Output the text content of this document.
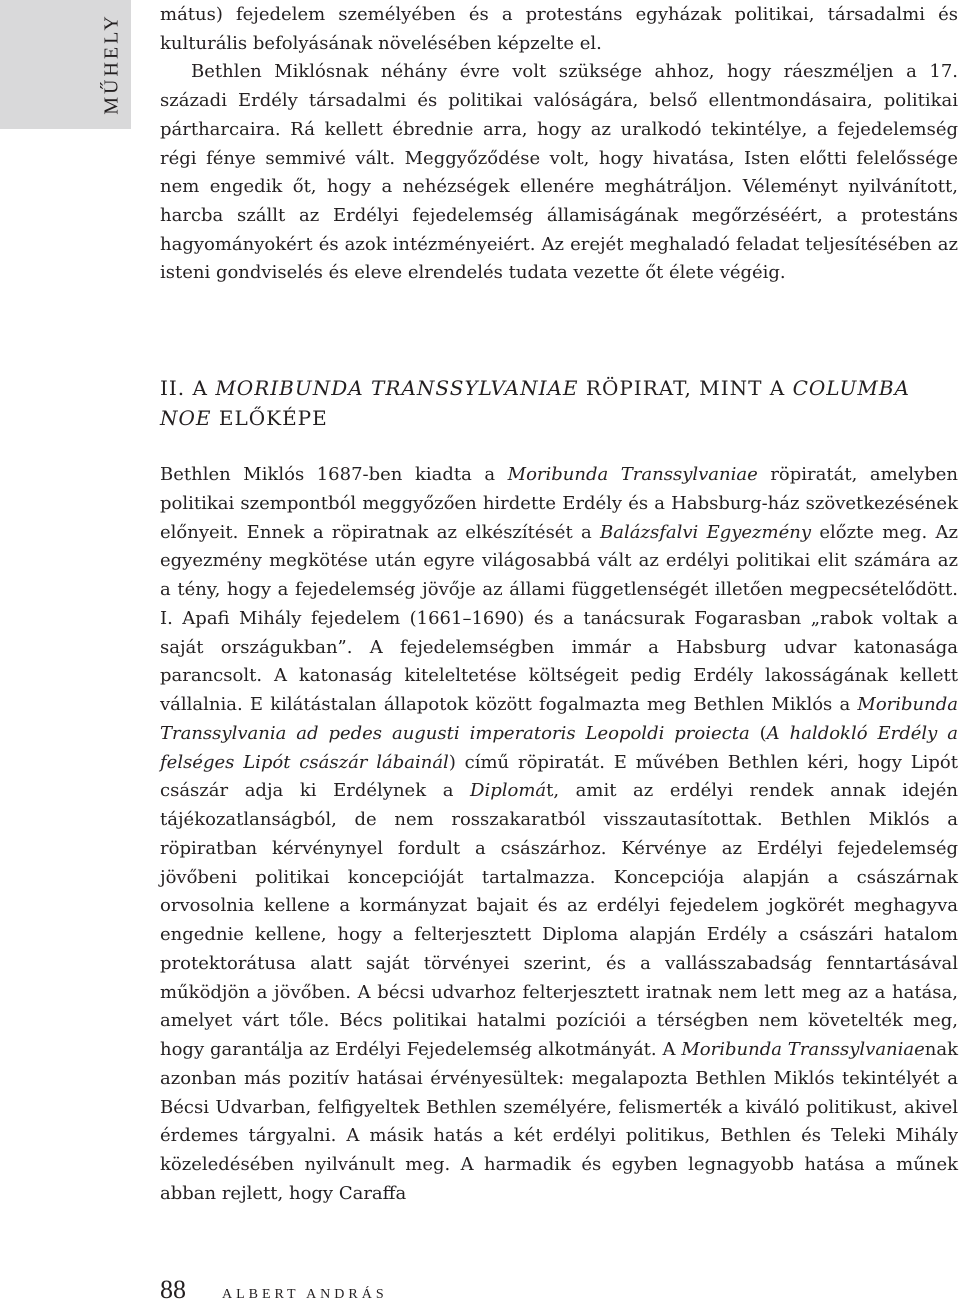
MŰHELY mátus) fejedelem személyében és a protestáns egyházak politikai, társadalmi és kulturális befolyásának növelésében képzelte el.

Bethlen Miklósnak néhány évre volt szüksége ahhoz, hogy ráeszméljen a 17. századi Erdély társadalmi és politikai valóságára, belső ellentmondásaira, politikai pártharcaira. Rá kellett ébrednie arra, hogy az uralkodó tekintélye, a fejedelemség régi fénye semmivé vált. Meggyőződése volt, hogy hivatása, Isten előtti felelőssége nem engedik őt, hogy a nehézségek ellenére meghátráljon. Véleményt nyilvánított, harcba szállt az Erdélyi fejedelemség államiságának megőrzéséért, a protestáns hagyományokért és azok intézményeiért. Az erejét meghaladó feladat teljesítésében az isteni gondviselés és eleve elrendelés tudata vezette őt élete végéig.

II. A MORIBUNDA TRANSSYLVANIAE RÖPIRAT, MINT A COLUMBA NOE ELŐKÉPE

Bethlen Miklós 1687-ben kiadta a Moribunda Transsylvaniae röpiratát, amelyben politikai szempontból meggyőzően hirdette Erdély és a Habsburg-ház szövetkezésének előnyeit. Ennek a röpiratnak az elkészítését a Balázsfalvi Egyezmény előzte meg. Az egyezmény megkötése után egyre világosabbá vált az erdélyi politikai elit számára az a tény, hogy a fejedelemség jövője az állami függetlenségét illetően megpecsételődött. I. Apafi Mihály fejedelem (1661–1690) és a tanácsurak Fogarasban „rabok voltak a saját országukban”. A fejedelemségben immár a Habsburg udvar katonasága parancsolt. A katonaság kiteleltetése költségeit pedig Erdély lakosságának kellett vállalnia. E kilátástalan állapotok között fogalmazta meg Bethlen Miklós a Moribunda Transsylvania ad pedes augusti imperatoris Leopoldi proiecta (A haldokló Erdély a felséges Lipót császár lábainál) című röpiratát. E művében Bethlen kéri, hogy Lipót császár adja ki Erdélynek a Diplomát, amit az erdélyi rendek annak idején tájékozatlanságból, de nem rosszakaratból visszautasítottak. Bethlen Miklós a röpiratban kérvénynyel fordult a császárhoz. Kérvénye az Erdélyi fejedelemség jövőbeni politikai koncepcióját tartalmazza. Koncepciója alapján a császárnak orvosolnia kellene a kormányzat bajait és az erdélyi fejedelem jogkörét meghagyva engednie kellene, hogy a felterjesztett Diploma alapján Erdély a császári hatalom protektorátusa alatt saját törvényei szerint, és a vallásszabadság fenntartásával működjön a jövőben. A bécsi udvarhoz felterjesztett iratnak nem lett meg az a hatása, amelyet várt tőle. Bécs politikai hatalmi pozíciói a térségben nem követelték meg, hogy garantálja az Erdélyi Fejedelemség alkotmányát. A Moribunda Transsylvaniaenak azonban más pozitív hatásai érvényesültek: megalapozta Bethlen Miklós tekintélyét a Bécsi Udvarban, felfigyeltek Bethlen személyére, felismerték a kiváló politikust, akivel érdemes tárgyalni. A másik hatás a két erdélyi politikus, Bethlen és Teleki Mihály közeledésében nyilvánult meg. A harmadik és egyben legnagyobb hatása a műnek abban rejlett, hogy Caraffa

88	ALBERT ANDRÁS
